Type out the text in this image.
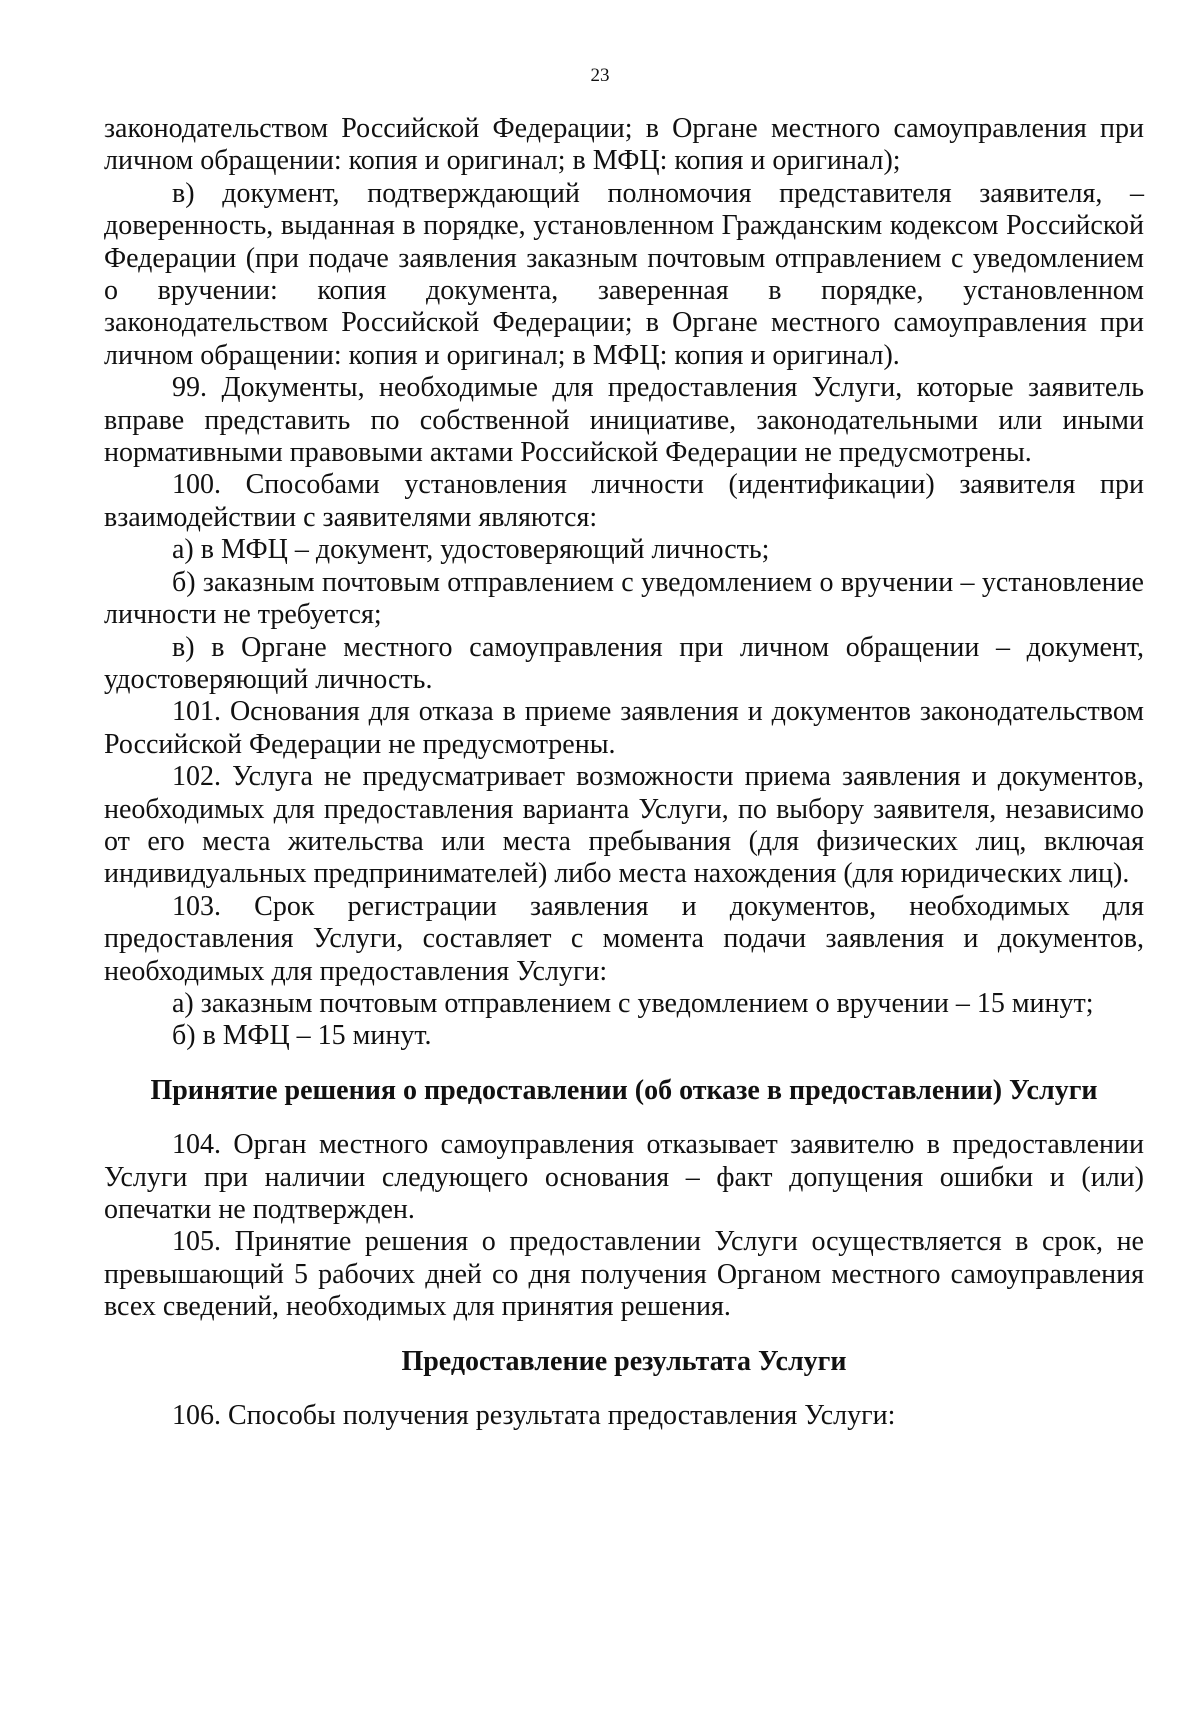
23

законодательством Российской Федерации; в Органе местного самоуправления при личном обращении: копия и оригинал; в МФЦ: копия и оригинал);

в) документ, подтверждающий полномочия представителя заявителя, – доверенность, выданная в порядке, установленном Гражданским кодексом Российской Федерации (при подаче заявления заказным почтовым отправлением с уведомлением о вручении: копия документа, заверенная в порядке, установленном законодательством Российской Федерации; в Органе местного самоуправления при личном обращении: копия и оригинал; в МФЦ: копия и оригинал).

99. Документы, необходимые для предоставления Услуги, которые заявитель вправе представить по собственной инициативе, законодательными или иными нормативными правовыми актами Российской Федерации не предусмотрены.

100. Способами установления личности (идентификации) заявителя при взаимодействии с заявителями являются:

а) в МФЦ – документ, удостоверяющий личность;

б) заказным почтовым отправлением с уведомлением о вручении – установление личности не требуется;

в) в Органе местного самоуправления при личном обращении – документ, удостоверяющий личность.

101. Основания для отказа в приеме заявления и документов законодательством Российской Федерации не предусмотрены.

102. Услуга не предусматривает возможности приема заявления и документов, необходимых для предоставления варианта Услуги, по выбору заявителя, независимо от его места жительства или места пребывания (для физических лиц, включая индивидуальных предпринимателей) либо места нахождения (для юридических лиц).

103. Срок регистрации заявления и документов, необходимых для предоставления Услуги, составляет с момента подачи заявления и документов, необходимых для предоставления Услуги:

а) заказным почтовым отправлением с уведомлением о вручении – 15 минут;

б) в МФЦ – 15 минут.

Принятие решения о предоставлении (об отказе в предоставлении) Услуги

104. Орган местного самоуправления отказывает заявителю в предоставлении Услуги при наличии следующего основания – факт допущения ошибки и (или) опечатки не подтвержден.

105. Принятие решения о предоставлении Услуги осуществляется в срок, не превышающий 5 рабочих дней со дня получения Органом местного самоуправления всех сведений, необходимых для принятия решения.

Предоставление результата Услуги

106. Способы получения результата предоставления Услуги:
